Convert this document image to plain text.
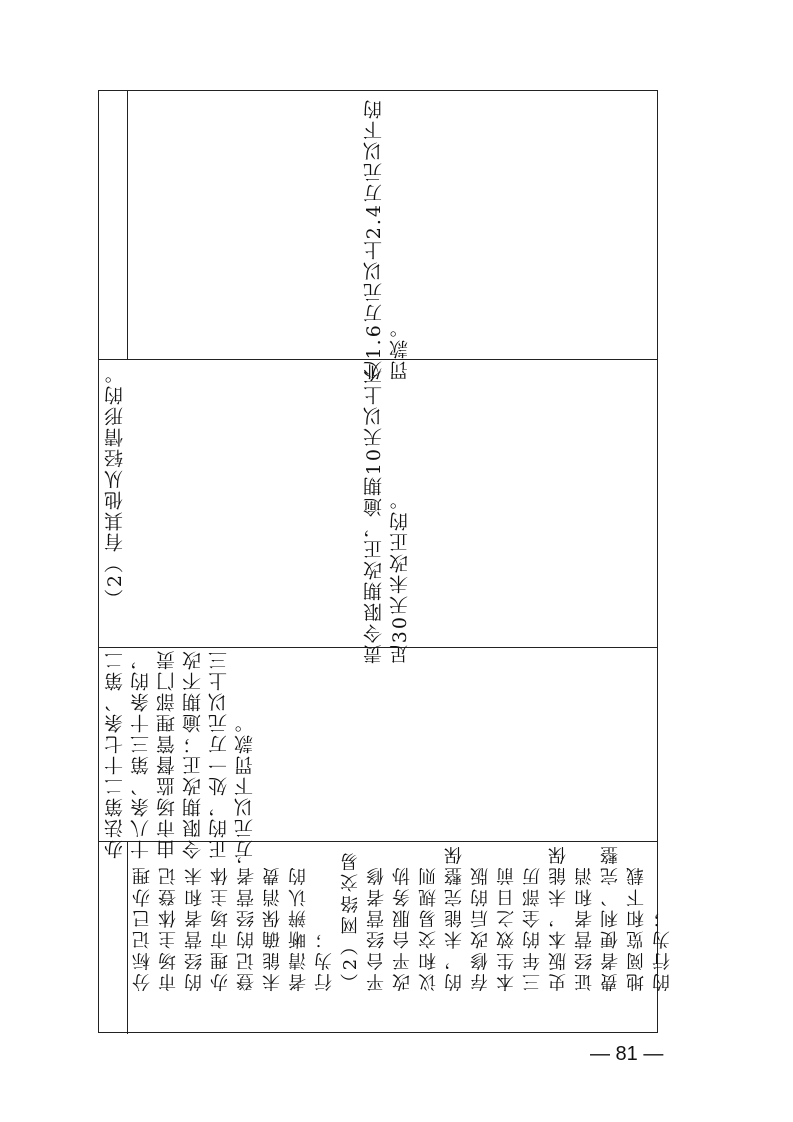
处1.6万元以上2.4万元以下的 罚款。
（2）有其他从轻情形的。	责令限期改正，逾期10天以上不 足30天未改正的。
办法第二十七条、第二 十八条、第三十条的， 由市场监督管理部门责 令限期改正；逾期不改 正的，处一万元以上三 万元以下罚款。
分标记已办理 市场主体登记 的经营者和未 办理市场主体 登记的经营者， 未能确保消费 者清晰辨认的 行为； （2）网络交易 平台经营者修 改平台服务协 议和交易规则 的，未能完整保 存修改后的版 本生效之日前 三年的全部历 史版本，未能保 证经营者和消 费者便利、完整 地阅览和下载 的行为；
— 81 —
